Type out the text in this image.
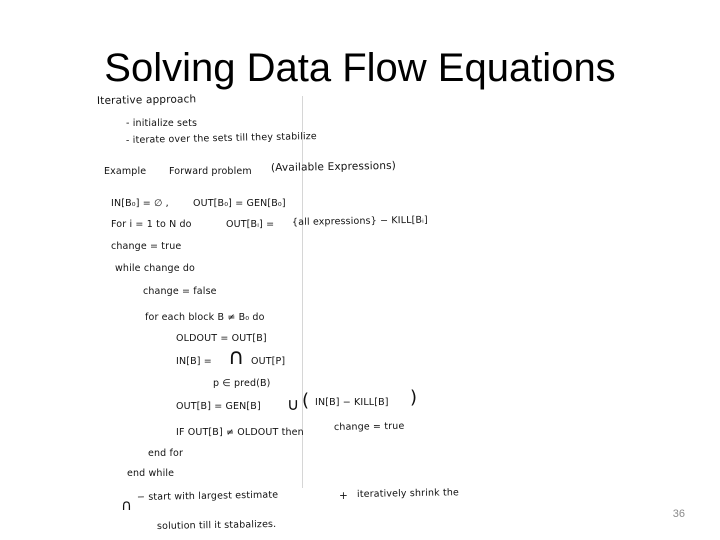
Solving Data Flow Equations
Iterative approach
- initialize sets
- iterate over the sets till they stabilize
Example Forward problem (Available Expressions)
IN[B₀] = ∅ ,	OUT[B₀] = GEN[B₀]
For i = 1 to N do	OUT[Bᵢ] = {all expressions} − KILL[Bᵢ]
change = true
while change do
change = false
for each block B ≠ B₀ do
OLDOUT = OUT[B]
IN[B] = ∩ OUT[P]
p ∈ pred(B)
OUT[B] = GEN[B] ∪ ( IN[B] − KILL[B] )
IF OUT[B] ≠ OLDOUT then	change = true
end for
end while
∩ − start with largest estimate	+ iteratively shrink the
solution till it stabalizes.
36
